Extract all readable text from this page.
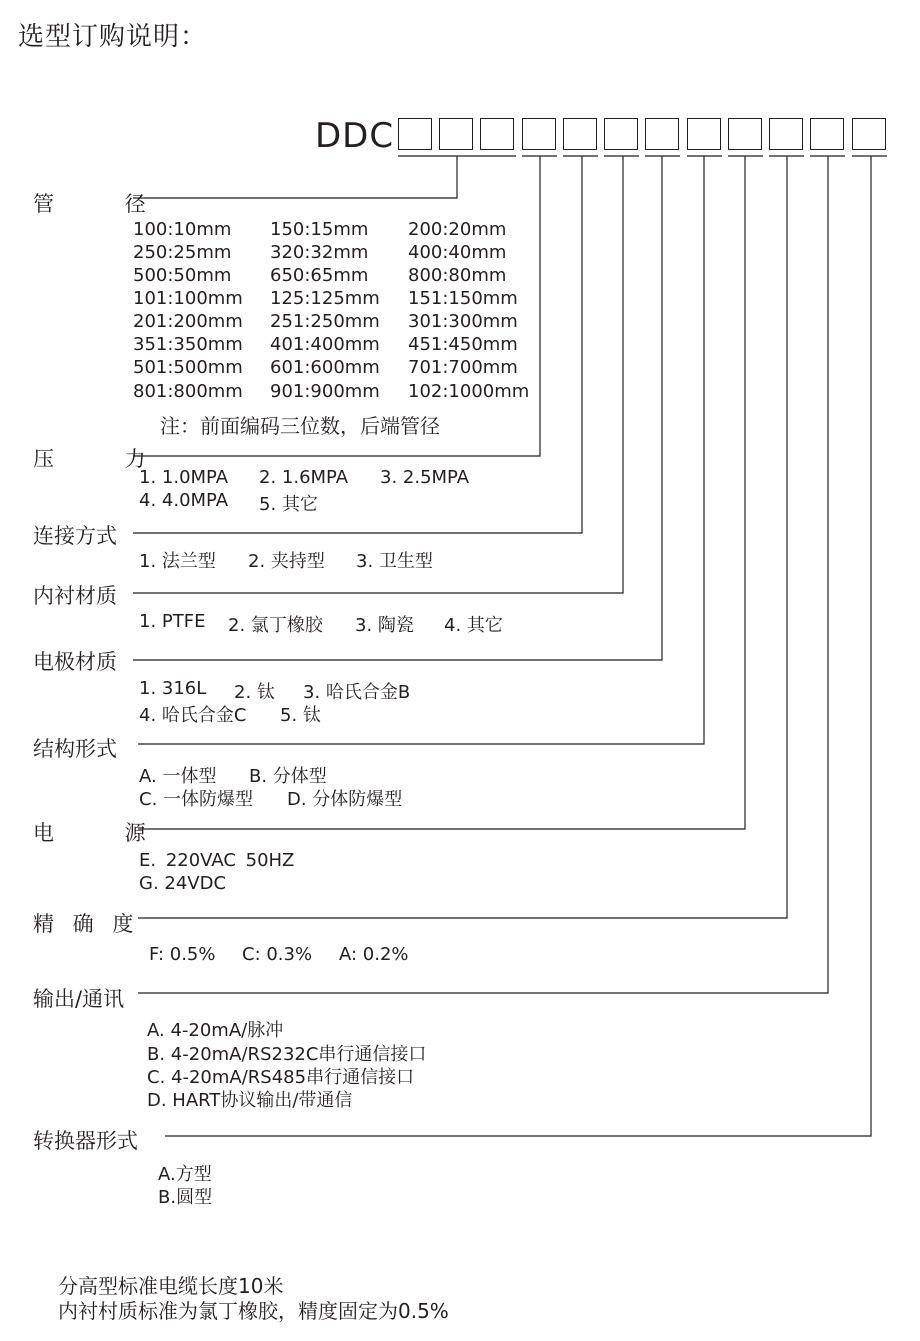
选型订购说明：
DDC
管 径
100:10mm 150:15mm 200:20mm
250:25mm 320:32mm 400:40mm
500:50mm 650:65mm 800:80mm
101:100mm 125:125mm 151:150mm
201:200mm 251:250mm 301:300mm
351:350mm 401:400mm 451:450mm
501:500mm 601:600mm 701:700mm
801:800mm 901:900mm 102:1000mm
注：前面编码三位数，后端管径
压 力
1. 1.0MPA 2. 1.6MPA 3. 2.5MPA
4. 4.0MPA 5. 其它
连接方式
1. 法兰型 2. 夹持型 3. 卫生型
内衬材质
1. PTFE 2. 氯丁橡胶 3. 陶瓷 4. 其它
电极材质
1. 316L 2. 钛 3. 哈氏合金B
4. 哈氏合金C 5. 钛
结构形式
A. 一体型 B. 分体型
C. 一体防爆型 D. 分体防爆型
电 源
E. 220VAC 50HZ
G. 24VDC
精 确 度
F: 0.5% C: 0.3% A: 0.2%
输出/通讯
A. 4-20mA/脉冲
B. 4-20mA/RS232C串行通信接口
C. 4-20mA/RS485串行通信接口
D. HART协议输出/带通信
转换器形式
A.方型
B.圆型
分高型标准电缆长度10米
内衬村质标准为氯丁橡胶，精度固定为0.5%
